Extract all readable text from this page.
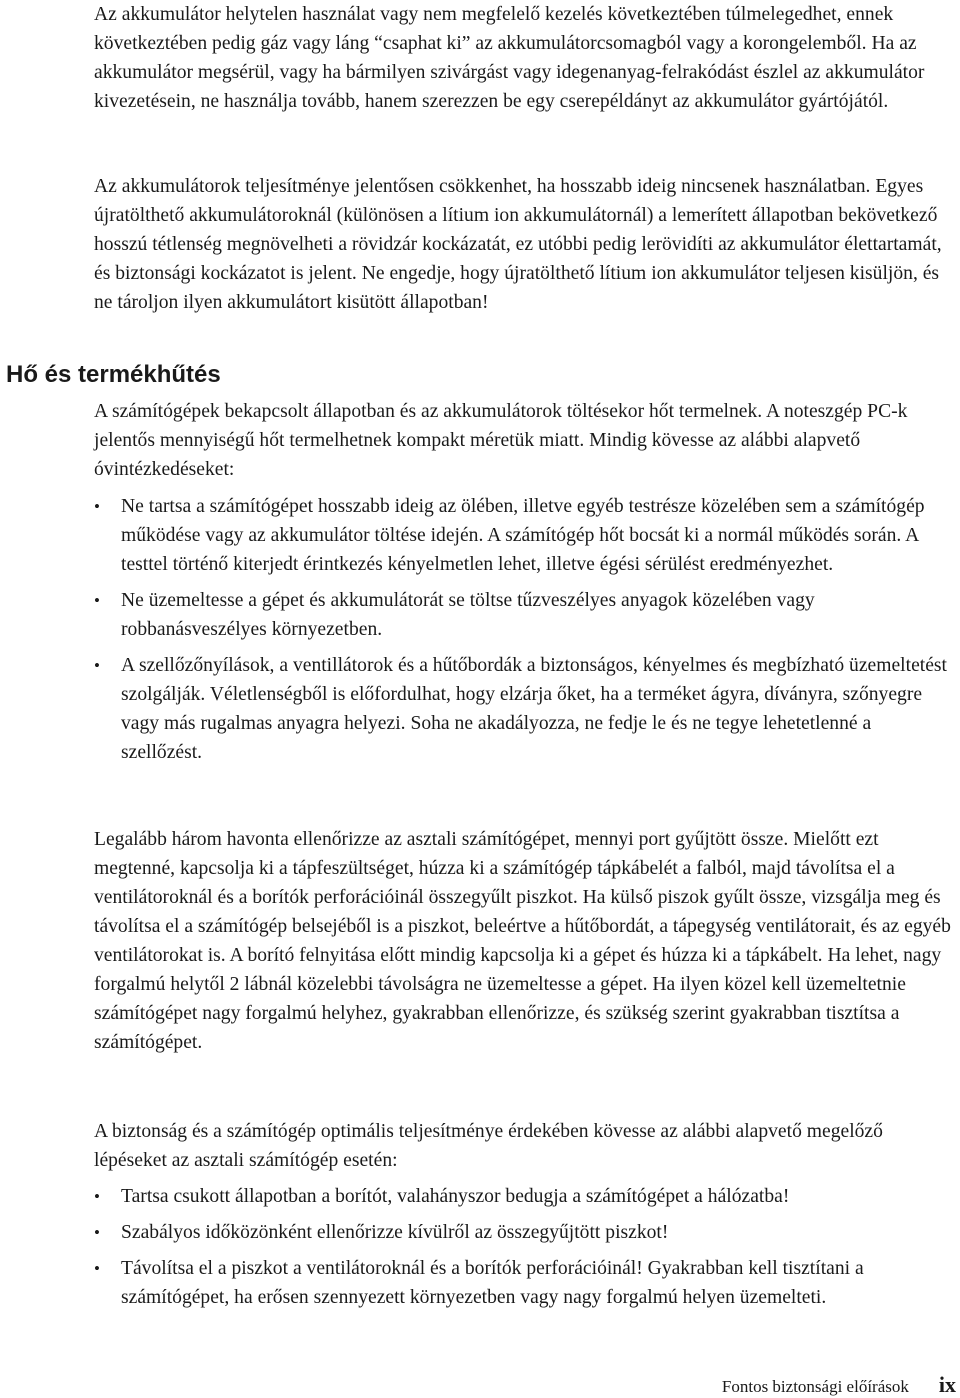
Az akkumulátor helytelen használat vagy nem megfelelő kezelés következtében túlmelegedhet, ennek következtében pedig gáz vagy láng “csaphat ki” az akkumulátorcsomagból vagy a korongelemből. Ha az akkumulátor megsérül, vagy ha bármilyen szivárgást vagy idegenanyag-felrakódást észlel az akkumulátor kivezetésein, ne használja tovább, hanem szerezzen be egy cserepéldányt az akkumulátor gyártójától.

Az akkumulátorok teljesítménye jelentősen csökkenhet, ha hosszabb ideig nincsenek használatban. Egyes újratölthető akkumulátoroknál (különösen a lítium ion akkumulátornál) a lemerített állapotban bekövetkező hosszú tétlenség megnövelheti a rövidzár kockázatát, ez utóbbi pedig lerövidíti az akkumulátor élettartamát, és biztonsági kockázatot is jelent. Ne engedje, hogy újratölthető lítium ion akkumulátor teljesen kisüljön, és ne tároljon ilyen akkumulátort kisütött állapotban!

A számítógépek bekapcsolt állapotban és az akkumulátorok töltésekor hőt termelnek. A noteszgép PC-k jelentős mennyiségű hőt termelhetnek kompakt méretük miatt. Mindig kövesse az alábbi alapvető óvintézkedéseket:

• Ne tartsa a számítógépet hosszabb ideig az ölében, illetve egyéb testrésze közelében sem a számítógép működése vagy az akkumulátor töltése idején. A számítógép hőt bocsát ki a normál működés során. A testtel történő kiterjedt érintkezés kényelmetlen lehet, illetve égési sérülést eredményezhet.
• Ne üzemeltesse a gépet és akkumulátorát se töltse tűzveszélyes anyagok közelében vagy robbanásveszélyes környezetben.
• A szellőzőnyílások, a ventillátorok és a hűtőbordák a biztonságos, kényelmes és megbízható üzemeltetést szolgálják. Véletlenségből is előfordulhat, hogy elzárja őket, ha a terméket ágyra, díványra, szőnyegre vagy más rugalmas anyagra helyezi. Soha ne akadályozza, ne fedje le és ne tegye lehetetlenné a szellőzést.

Legalább három havonta ellenőrizze az asztali számítógépet, mennyi port gyűjtött össze. Mielőtt ezt megtenné, kapcsolja ki a tápfeszültséget, húzza ki a számítógép tápkábelét a falból, majd távolítsa el a ventilátoroknál és a borítók perforációinál összegyűlt piszkot. Ha külső piszok gyűlt össze, vizsgálja meg és távolítsa el a számítógép belsejéből is a piszkot, beleértve a hűtőbordát, a tápegység ventilátorait, és az egyéb ventilátorokat is. A borító felnyitása előtt mindig kapcsolja ki a gépet és húzza ki a tápkábelt. Ha lehet, nagy forgalmú helytől 2 lábnál közelebbi távolságra ne üzemeltesse a gépet. Ha ilyen közel kell üzemeltetnie számítógépet nagy forgalmú helyhez, gyakrabban ellenőrizze, és szükség szerint gyakrabban tisztítsa a számítógépet.

A biztonság és a számítógép optimális teljesítménye érdekében kövesse az alábbi alapvető megelőző lépéseket az asztali számítógép esetén:

• Tartsa csukott állapotban a borítót, valahányszor bedugja a számítógépet a hálózatba!
• Szabályos időközönként ellenőrizze kívülről az összegyűjtött piszkot!
• Távolítsa el a piszkot a ventilátoroknál és a borítók perforációinál! Gyakrabban kell tisztítani a számítógépet, ha erősen szennyezett környezetben vagy nagy forgalmú helyen üzemelteti.
Hő és termékhűtés
Fontos biztonsági előírások ix
